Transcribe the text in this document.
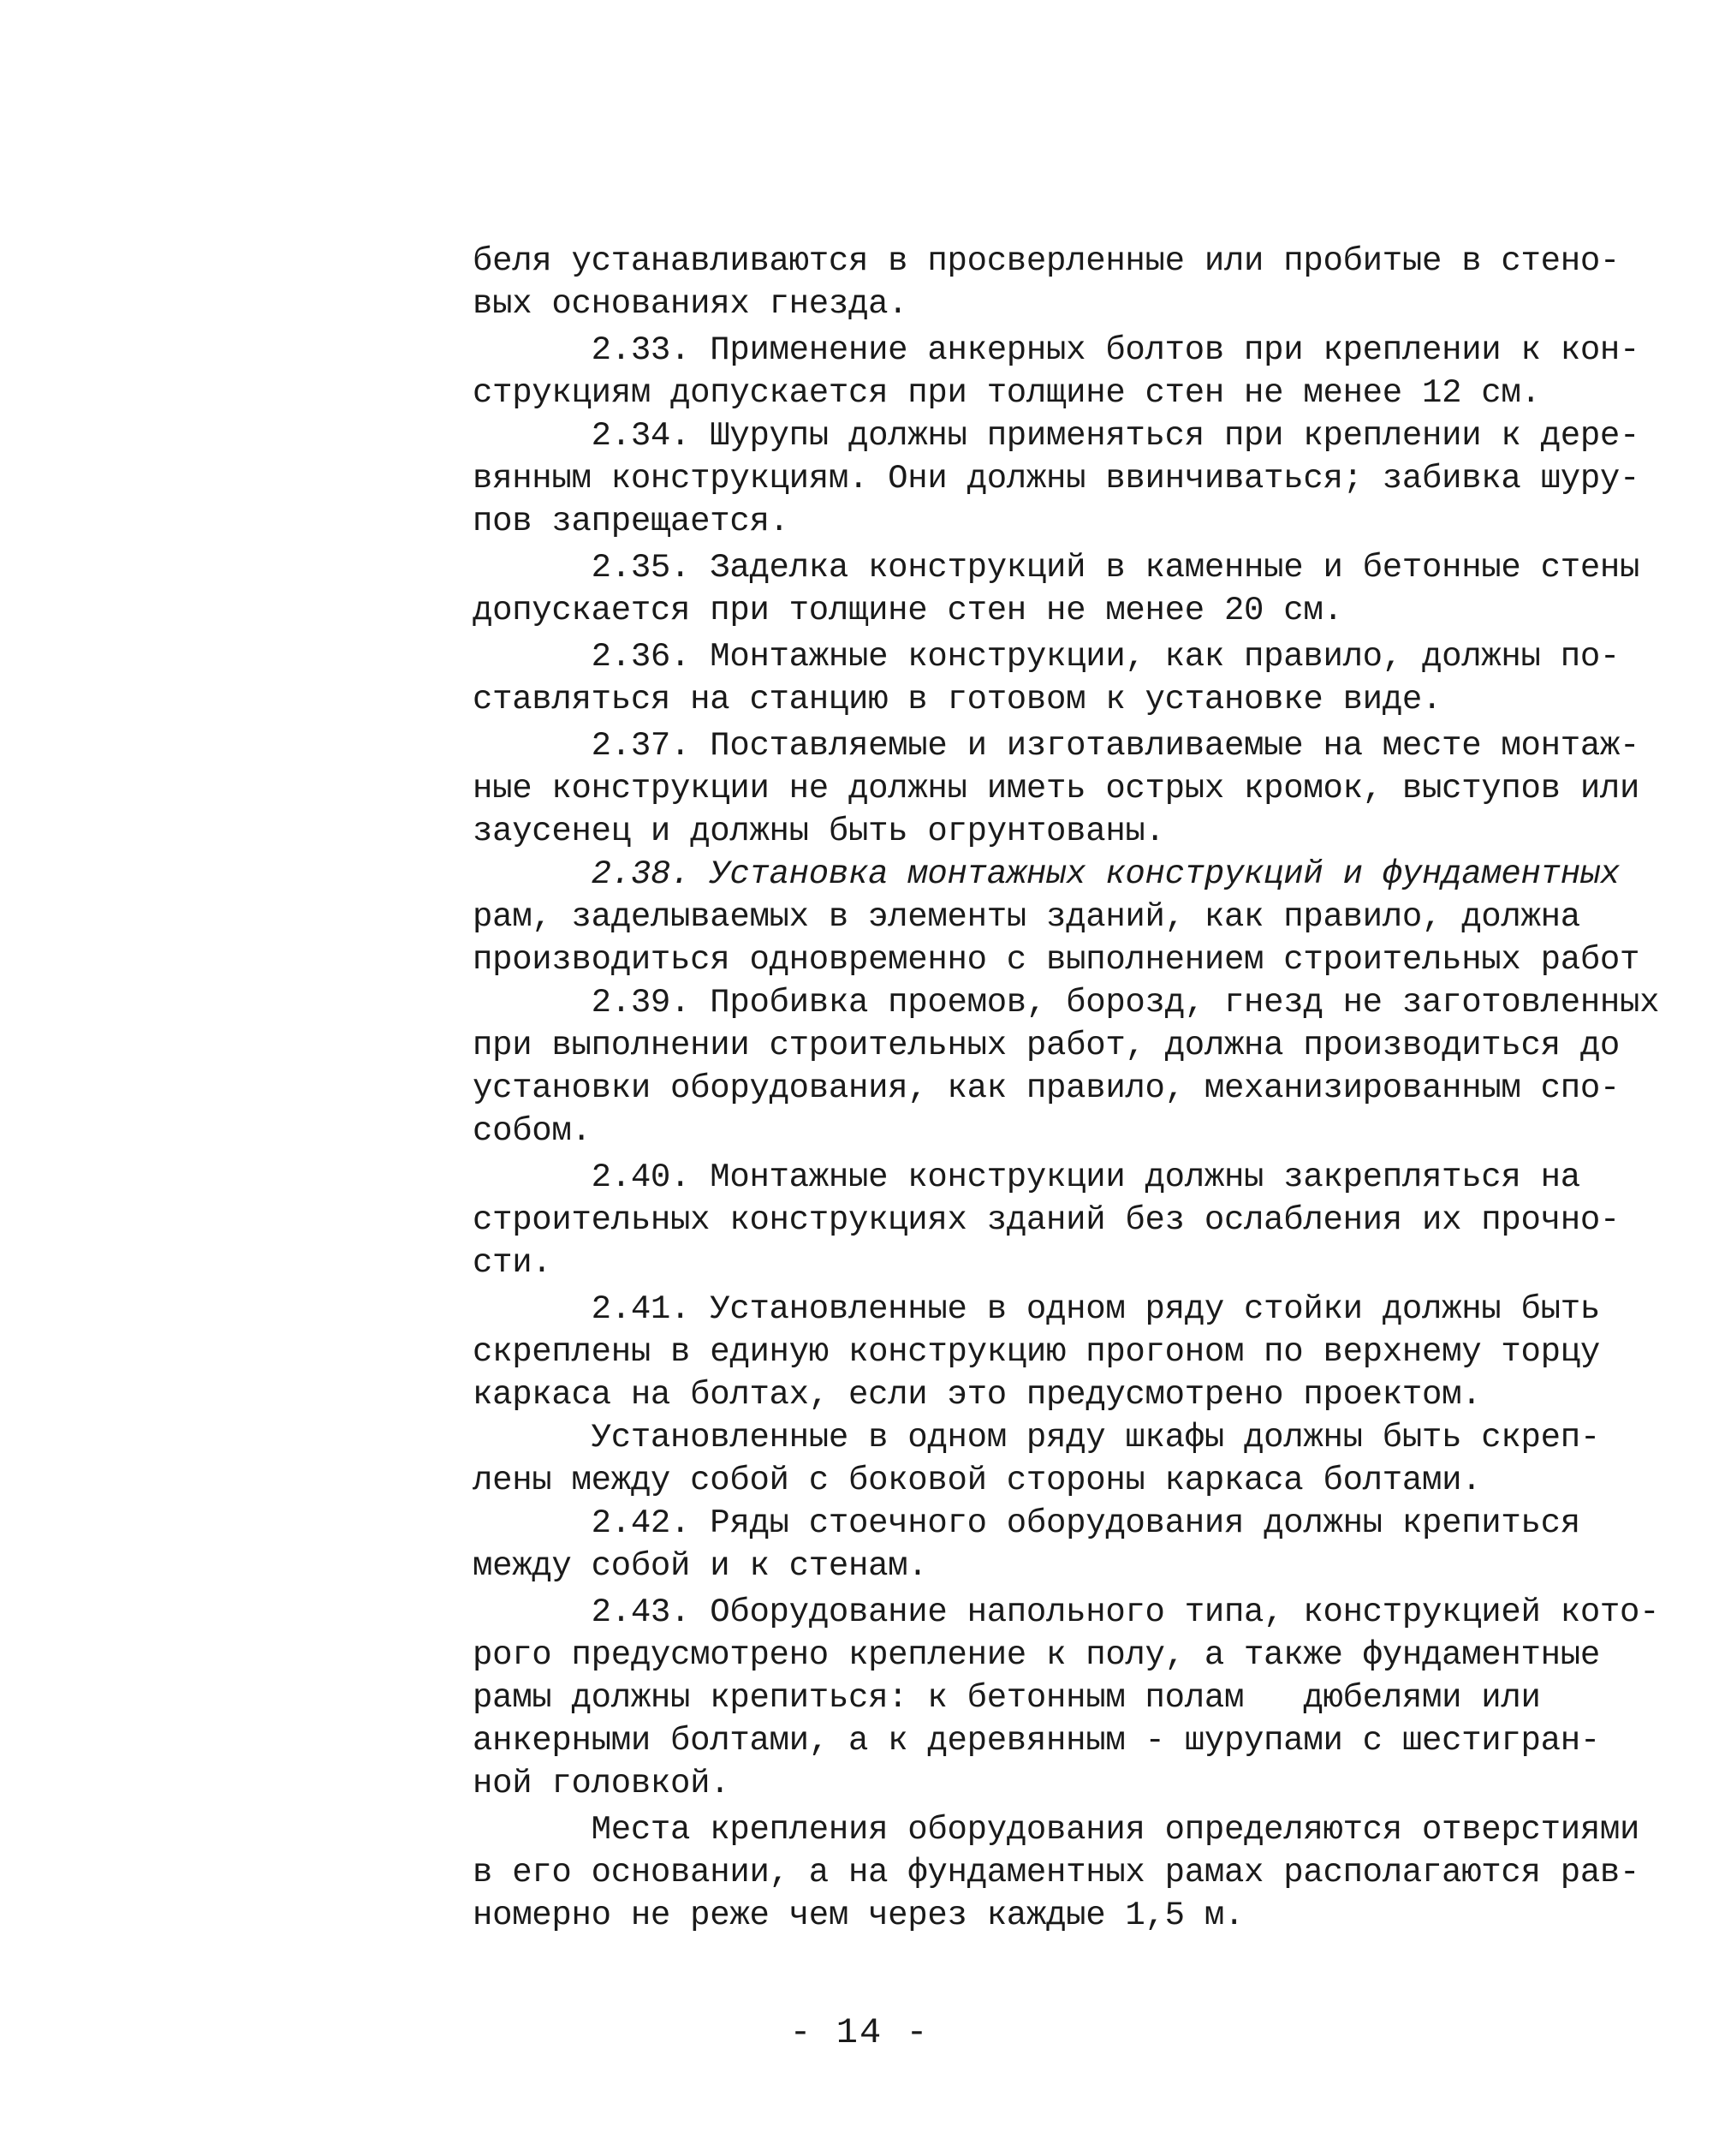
беля устанавливаются в просверленные или пробитые в стено-
вых основаниях гнезда.
2.33. Применение анкерных болтов при креплении к кон-
струкциям допускается при толщине стен не менее 12 см.
2.34. Шурупы должны применяться при креплении к дере-
вянным конструкциям. Они должны ввинчиваться; забивка шуру-
пов запрещается.
2.35. Заделка конструкций в каменные и бетонные стены
допускается при толщине стен не менее 20 см.
2.36. Монтажные конструкции, как правило, должны по-
ставляться на станцию в готовом к установке виде.
2.37. Поставляемые и изготавливаемые на месте монтаж-
ные конструкции не должны иметь острых кромок, выступов или
заусенец и должны быть огрунтованы.
2.38. Установка монтажных конструкций и фундаментных
рам, заделываемых в элементы зданий, как правило, должна
производиться одновременно с выполнением строительных работ
2.39. Пробивка проемов, борозд, гнезд не заготовленных
при выполнении строительных работ, должна производиться до
установки оборудования, как правило, механизированным спо-
собом.
2.40. Монтажные конструкции должны закрепляться на
строительных конструкциях зданий без ослабления их прочно-
сти.
2.41. Установленные в одном ряду стойки должны быть
скреплены в единую конструкцию прогоном по верхнему торцу
каркаса на болтах, если это предусмотрено проектом.
Установленные в одном ряду шкафы должны быть скреп-
лены между собой с боковой стороны каркаса болтами.
2.42. Ряды стоечного оборудования должны крепиться
между собой и к стенам.
2.43. Оборудование напольного типа, конструкцией кото-
рого предусмотрено крепление к полу, а также фундаментные
рамы должны крепиться: к бетонным полам   дюбелями или
анкерными болтами, а к деревянным - шурупами с шестигран-
ной головкой.
Места крепления оборудования определяются отверстиями
в его основании, а на фундаментных рамах располагаются рав-
номерно не реже чем через каждые 1,5 м.
- 14 -
